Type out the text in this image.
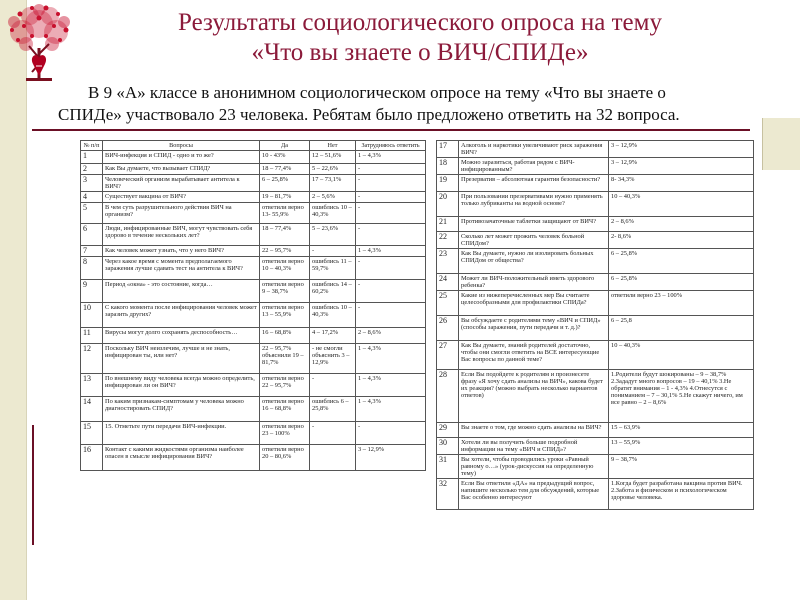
Результаты социологического опроса на тему
«Что вы знаете о ВИЧ/СПИДе»
В 9 «А» классе в анонимном социологическом опросе на тему «Что вы знаете о
СПИДе» участвовало 23 человека. Ребятам было предложено ответить на 32 вопроса.
№ п/п	Вопросы	Да	Нет	Затрудняюсь ответить
1	ВИЧ-инфекция и СПИД - одно и то же?	10 - 43%	12 – 51,6%	1 – 4,3%
2	Как Вы думаете, что вызывает СПИД?	18 – 77,4%	5 – 22,6%	-
3	Человеческий организм вырабатывает антитела к ВИЧ?	6 – 25,8%	17 – 73,1%	-
4	Существует вакцина от ВИЧ?	19 – 81,7%	2 – 5,6%	-
5	В чем суть разрушительного действия ВИЧ на организм?	ответили верно 13- 55,9%	ошиблись 10 – 40,3%	-
6	Люди, инфицированные ВИЧ, могут чувствовать себя здорово в течение нескольких лет?	18 – 77,4%	5 – 23,6%	-
7	Как человек может узнать, что у него ВИЧ?	22 – 95,7%	-	1 – 4,3%
8	Через какое время с момента предполагаемого заражения лучше сдавать тест на антитела к ВИЧ?	ответили верно 10 – 40,3%	ошиблись 11 – 59,7%	-
9	Период «окна» - это состояние, когда…	ответили верно 9 – 38,7%	ошиблись 14 – 60,2%	-
10	С какого момента после инфицирования человек может заразить других?	ответили верно 13 – 55,9%	ошиблись 10 – 40,3%	-
11	Вирусы могут долго сохранять деспособность…	16 – 68,8%	4 – 17,2%	2 – 8,6%
12	Поскольку ВИЧ неизлечим, лучше и не знать, инфицирован ты, или нет?	22 – 95,7% объяснили 19 – 81,7%	- не смогли объяснить 3 – 12,9%	1 – 4,3%
13	По внешнему виду человека всегда можно определить, инфицирован ли он ВИЧ?	ответили верно 22 – 95,7%	-	1 – 4,3%
14	По каким признакам-симптомам у человека можно диагностировать СПИД?	ответили верно 16 – 68,8%	ошиблись 6 – 25,8%	1 – 4,3%
15	15. Отметьте пути передачи ВИЧ-инфекции.	ответили верно 23 – 100%	-	-
16	Контакт с какими жидкостями организма наиболее опасен в смысле инфицирования ВИЧ?	ответили верно 20 – 80,6%		3 – 12,9%
17	Алкоголь и наркотики увеличивают риск заражения ВИЧ?	3 – 12,9%
18	Можно заразиться, работая рядом с ВИЧ-инфицированным?	3 – 12,9%
19	Презерватив – абсолютная гарантия безопасности?	8- 34,3%
20	При пользовании презервативами нужно применять только лубриканты на водной основе?	10 – 40,3%
21	Противозачаточные таблетки защищают от ВИЧ?	2 – 8,6%
22	Сколько лет может прожить человек больной СПИДом?	2- 8,6%
23	Как Вы думаете, нужно ли изолировать больных СПИДом от общества?	6 – 25,8%
24	Может ли ВИЧ-положительный иметь здорового ребенка?	6 – 25,8%
25	Какие из нижеперечисленных мер Вы считаете целесообразными для профилактики СПИДа?	ответили верно 23 – 100%
26	Вы обсуждаете с родителями тему «ВИЧ и СПИД» (способы заражения, пути передачи и т. д.)?	6 – 25,8
27	Как Вы думаете, знаний родителей достаточно, чтобы они смогли ответить на ВСЕ интересующие Вас вопросы по данной теме?	10 – 40,3%
28	Если Вы подойдете к родителям и произнесете фразу «Я хочу сдать анализы на ВИЧ», какова будет их реакция? (можно выбрать несколько вариантов ответов)	1.Родители будут шокированы – 9 – 38,7% 2.Зададут много вопросов – 19 – 40,1% 3.Не обратят внимания – 1 - 4,3% 4.Отнесутся с пониманием – 7 – 30,1% 5.Не скажут ничего, им все равно – 2 – 8,6%
29	Вы знаете о том, где можно сдать анализы на ВИЧ?	15 – 63,9%
30	Хотели ли вы получить больше подробной информации на тему «ВИЧ и СПИД»?	13 – 55,9%
31	Вы хотели, чтобы проводились уроки «Равный равному о…» (урок-дискуссия на определенную тему)	9 – 38,7%
32	Если Вы ответили «ДА» на предыдущий вопрос, напишите несколько тем для обсуждений, которые Вас особенно интересуют	1.Когда будет разработана вакцина против ВИЧ. 2.Забота и физическом и психологическом здоровье человека.
